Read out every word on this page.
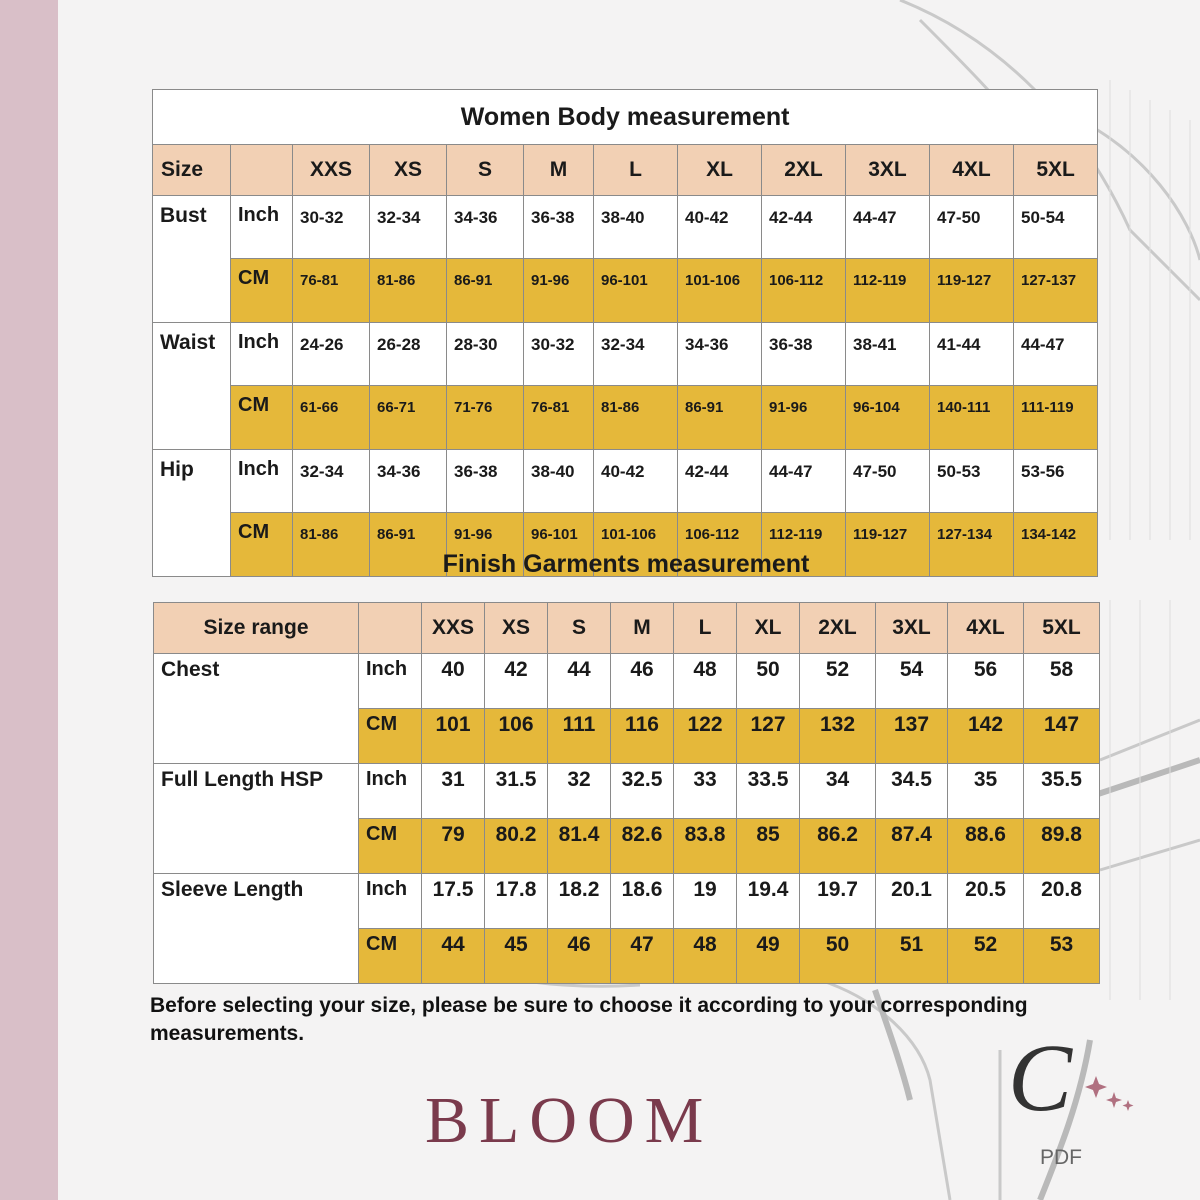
Women Body measurement											
Size		XXS	XS	S	M	L	XL	2XL	3XL	4XL	5XL
Bust	Inch	30-32	32-34	34-36	36-38	38-40	40-42	42-44	44-47	47-50	50-54
	CM	76-81	81-86	86-91	91-96	96-101	101-106	106-112	112-119	119-127	127-137
Waist	Inch	24-26	26-28	28-30	30-32	32-34	34-36	36-38	38-41	41-44	44-47
	CM	61-66	66-71	71-76	76-81	81-86	86-91	91-96	96-104	140-111	111-119
Hip	Inch	32-34	34-36	36-38	38-40	40-42	42-44	44-47	47-50	50-53	53-56
	CM	81-86	86-91	91-96	96-101	101-106	106-112	112-119	119-127	127-134	134-142
Finish Garments measurement
Size range		XXS	XS	S	M	L	XL	2XL	3XL	4XL	5XL
Chest	Inch	40	42	44	46	48	50	52	54	56	58
	CM	101	106	111	116	122	127	132	137	142	147
Full Length HSP	Inch	31	31.5	32	32.5	33	33.5	34	34.5	35	35.5
	CM	79	80.2	81.4	82.6	83.8	85	86.2	87.4	88.6	89.8
Sleeve Length	Inch	17.5	17.8	18.2	18.6	19	19.4	19.7	20.1	20.5	20.8
	CM	44	45	46	47	48	49	50	51	52	53
Before selecting your size, please be sure to choose it according to your corresponding measurements.
BLOOM	C
PDF
